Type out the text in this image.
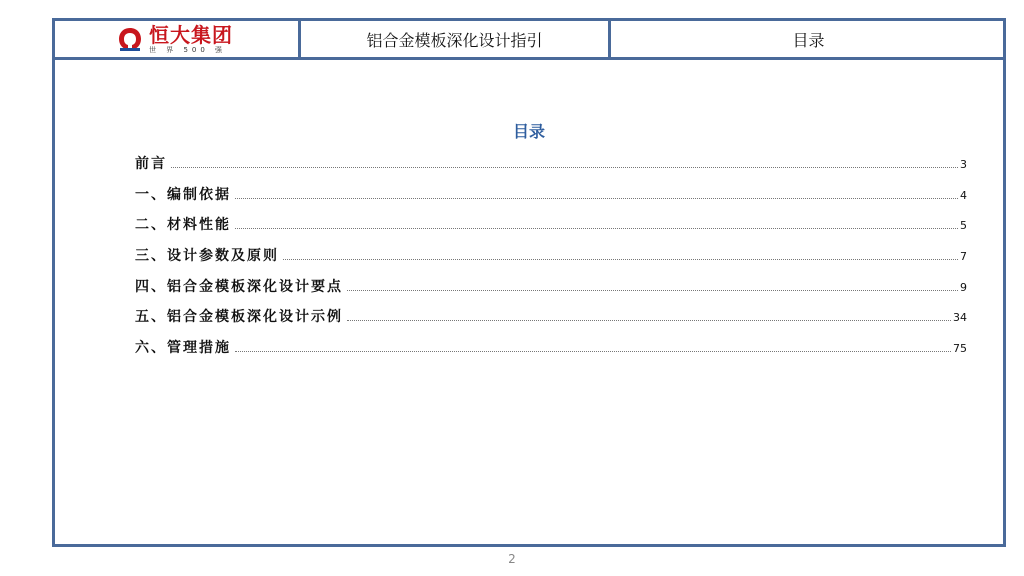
恒大集团
世 界 500 强	铝合金模板深化设计指引	目录
目录
前言	3
一、编制依据	4
二、材料性能	5
三、设计参数及原则	7
四、铝合金模板深化设计要点	9
五、铝合金模板深化设计示例	34
六、管理措施	75
2
